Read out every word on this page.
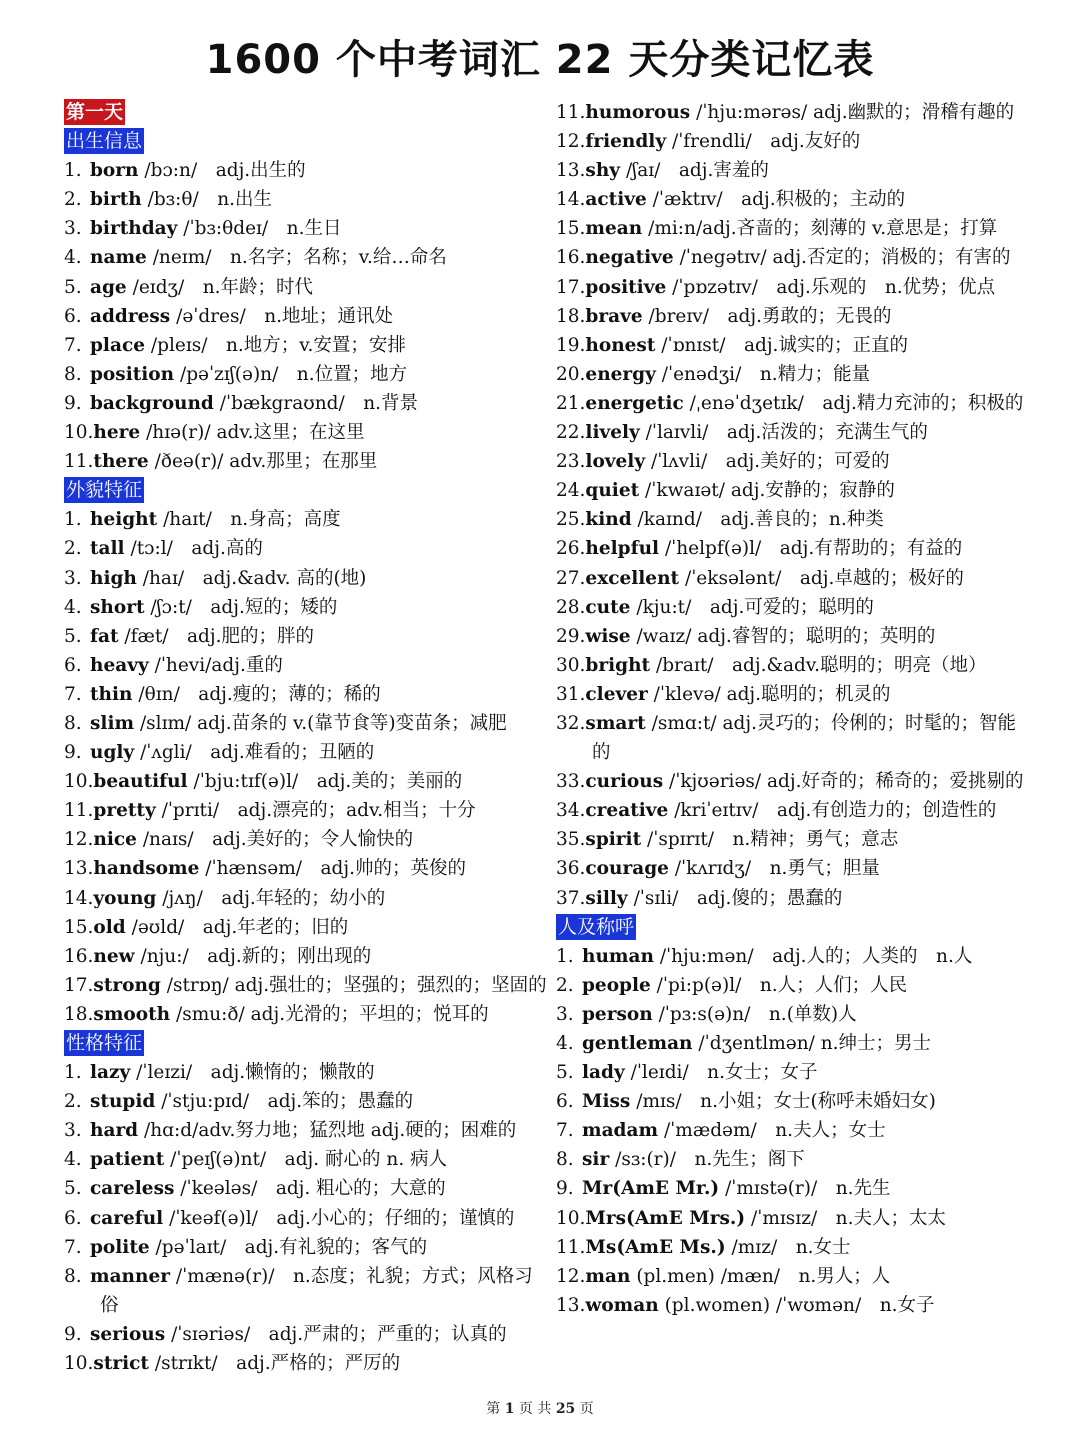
1600 个中考词汇 22 天分类记忆表
第一天
出生信息
1. born /bɔ:n/　adj.出生的
2. birth /bɜ:θ/　n.出生
3. birthday /ˈbɜ:θdeɪ/　n.生日
4. name /neɪm/　n.名字；名称；v.给…命名
5. age /eɪdʒ/　n.年龄；时代
6. address /əˈdres/　n.地址；通讯处
7. place /pleɪs/　n.地方；v.安置；安排
8. position /pəˈzɪʃ(ə)n/　n.位置；地方
9. background /ˈbækgraʊnd/　n.背景
10.here /hɪə(r)/ adv.这里；在这里
11.there /ðeə(r)/ adv.那里；在那里
外貌特征
1. height /haɪt/　n.身高；高度
2. tall /tɔ:l/　adj.高的
3. high /haɪ/　adj.&adv. 高的(地)
4. short /ʃɔ:t/　adj.短的；矮的
5. fat /fæt/　adj.肥的；胖的
6. heavy /ˈhevi/adj.重的
7. thin /θɪn/　adj.瘦的；薄的；稀的
8. slim /slɪm/ adj.苗条的 v.(靠节食等)变苗条；减肥
9. ugly /ˈʌgli/　adj.难看的；丑陋的
10.beautiful /ˈbju:tɪf(ə)l/　adj.美的；美丽的
11.pretty /ˈprɪti/　adj.漂亮的；adv.相当；十分
12.nice /naɪs/　adj.美好的；令人愉快的
13.handsome /ˈhænsəm/　adj.帅的；英俊的
14.young /jʌŋ/　adj.年轻的；幼小的
15.old /əʊld/　adj.年老的；旧的
16.new /nju:/　adj.新的；刚出现的
17.strong /strɒŋ/ adj.强壮的；坚强的；强烈的；坚固的
18.smooth /smu:ð/ adj.光滑的；平坦的；悦耳的
性格特征
1. lazy /ˈleɪzi/　adj.懒惰的；懒散的
2. stupid /ˈstju:pɪd/　adj.笨的；愚蠢的
3. hard /hɑ:d/adv.努力地；猛烈地 adj.硬的；困难的
4. patient /ˈpeɪʃ(ə)nt/　adj. 耐心的 n. 病人
5. careless /ˈkeələs/　adj. 粗心的；大意的
6. careful /ˈkeəf(ə)l/　adj.小心的；仔细的；谨慎的
7. polite /pəˈlaɪt/　adj.有礼貌的；客气的
8. manner /ˈmænə(r)/　n.态度；礼貌；方式；风格习
俗
9. serious /ˈsɪəriəs/　adj.严肃的；严重的；认真的
10.strict /strɪkt/　adj.严格的；严厉的
11.humorous /ˈhju:mərəs/ adj.幽默的；滑稽有趣的
12.friendly /ˈfrendli/　adj.友好的
13.shy /ʃaɪ/　adj.害羞的
14.active /ˈæktɪv/　adj.积极的；主动的
15.mean /mi:n/adj.吝啬的；刻薄的 v.意思是；打算
16.negative /ˈnegətɪv/ adj.否定的；消极的；有害的
17.positive /ˈpɒzətɪv/　adj.乐观的　n.优势；优点
18.brave /breɪv/　adj.勇敢的；无畏的
19.honest /ˈɒnɪst/　adj.诚实的；正直的
20.energy /ˈenədʒi/　n.精力；能量
21.energetic /ˌenəˈdʒetɪk/　adj.精力充沛的；积极的
22.lively /ˈlaɪvli/　adj.活泼的；充满生气的
23.lovely /ˈlʌvli/　adj.美好的；可爱的
24.quiet /ˈkwaɪət/ adj.安静的；寂静的
25.kind /kaɪnd/　adj.善良的；n.种类
26.helpful /ˈhelpf(ə)l/　adj.有帮助的；有益的
27.excellent /ˈeksələnt/　adj.卓越的；极好的
28.cute /kju:t/　adj.可爱的；聪明的
29.wise /waɪz/ adj.睿智的；聪明的；英明的
30.bright /braɪt/　adj.&adv.聪明的；明亮（地）
31.clever /ˈklevə/ adj.聪明的；机灵的
32.smart /smɑ:t/ adj.灵巧的；伶俐的；时髦的；智能
的
33.curious /ˈkjʊəriəs/ adj.好奇的；稀奇的；爱挑剔的
34.creative /kriˈeɪtɪv/　adj.有创造力的；创造性的
35.spirit /ˈspɪrɪt/　n.精神；勇气；意志
36.courage /ˈkʌrɪdʒ/　n.勇气；胆量
37.silly /ˈsɪli/　adj.傻的；愚蠢的
人及称呼
1. human /ˈhju:mən/　adj.人的；人类的　n.人
2. people /ˈpi:p(ə)l/　n.人；人们；人民
3. person /ˈpɜ:s(ə)n/　n.(单数)人
4. gentleman /ˈdʒentlmən/ n.绅士；男士
5. lady /ˈleɪdi/　n.女士；女子
6. Miss /mɪs/　n.小姐；女士(称呼未婚妇女)
7. madam /ˈmædəm/　n.夫人；女士
8. sir /sɜ:(r)/　n.先生；阁下
9. Mr(AmE Mr.) /ˈmɪstə(r)/　n.先生
10.Mrs(AmE Mrs.) /ˈmɪsɪz/　n.夫人；太太
11.Ms(AmE Ms.) /mɪz/　n.女士
12.man (pl.men) /mæn/　n.男人；人
13.woman (pl.women) /ˈwʊmən/　n.女子
第 1 页 共 25 页
